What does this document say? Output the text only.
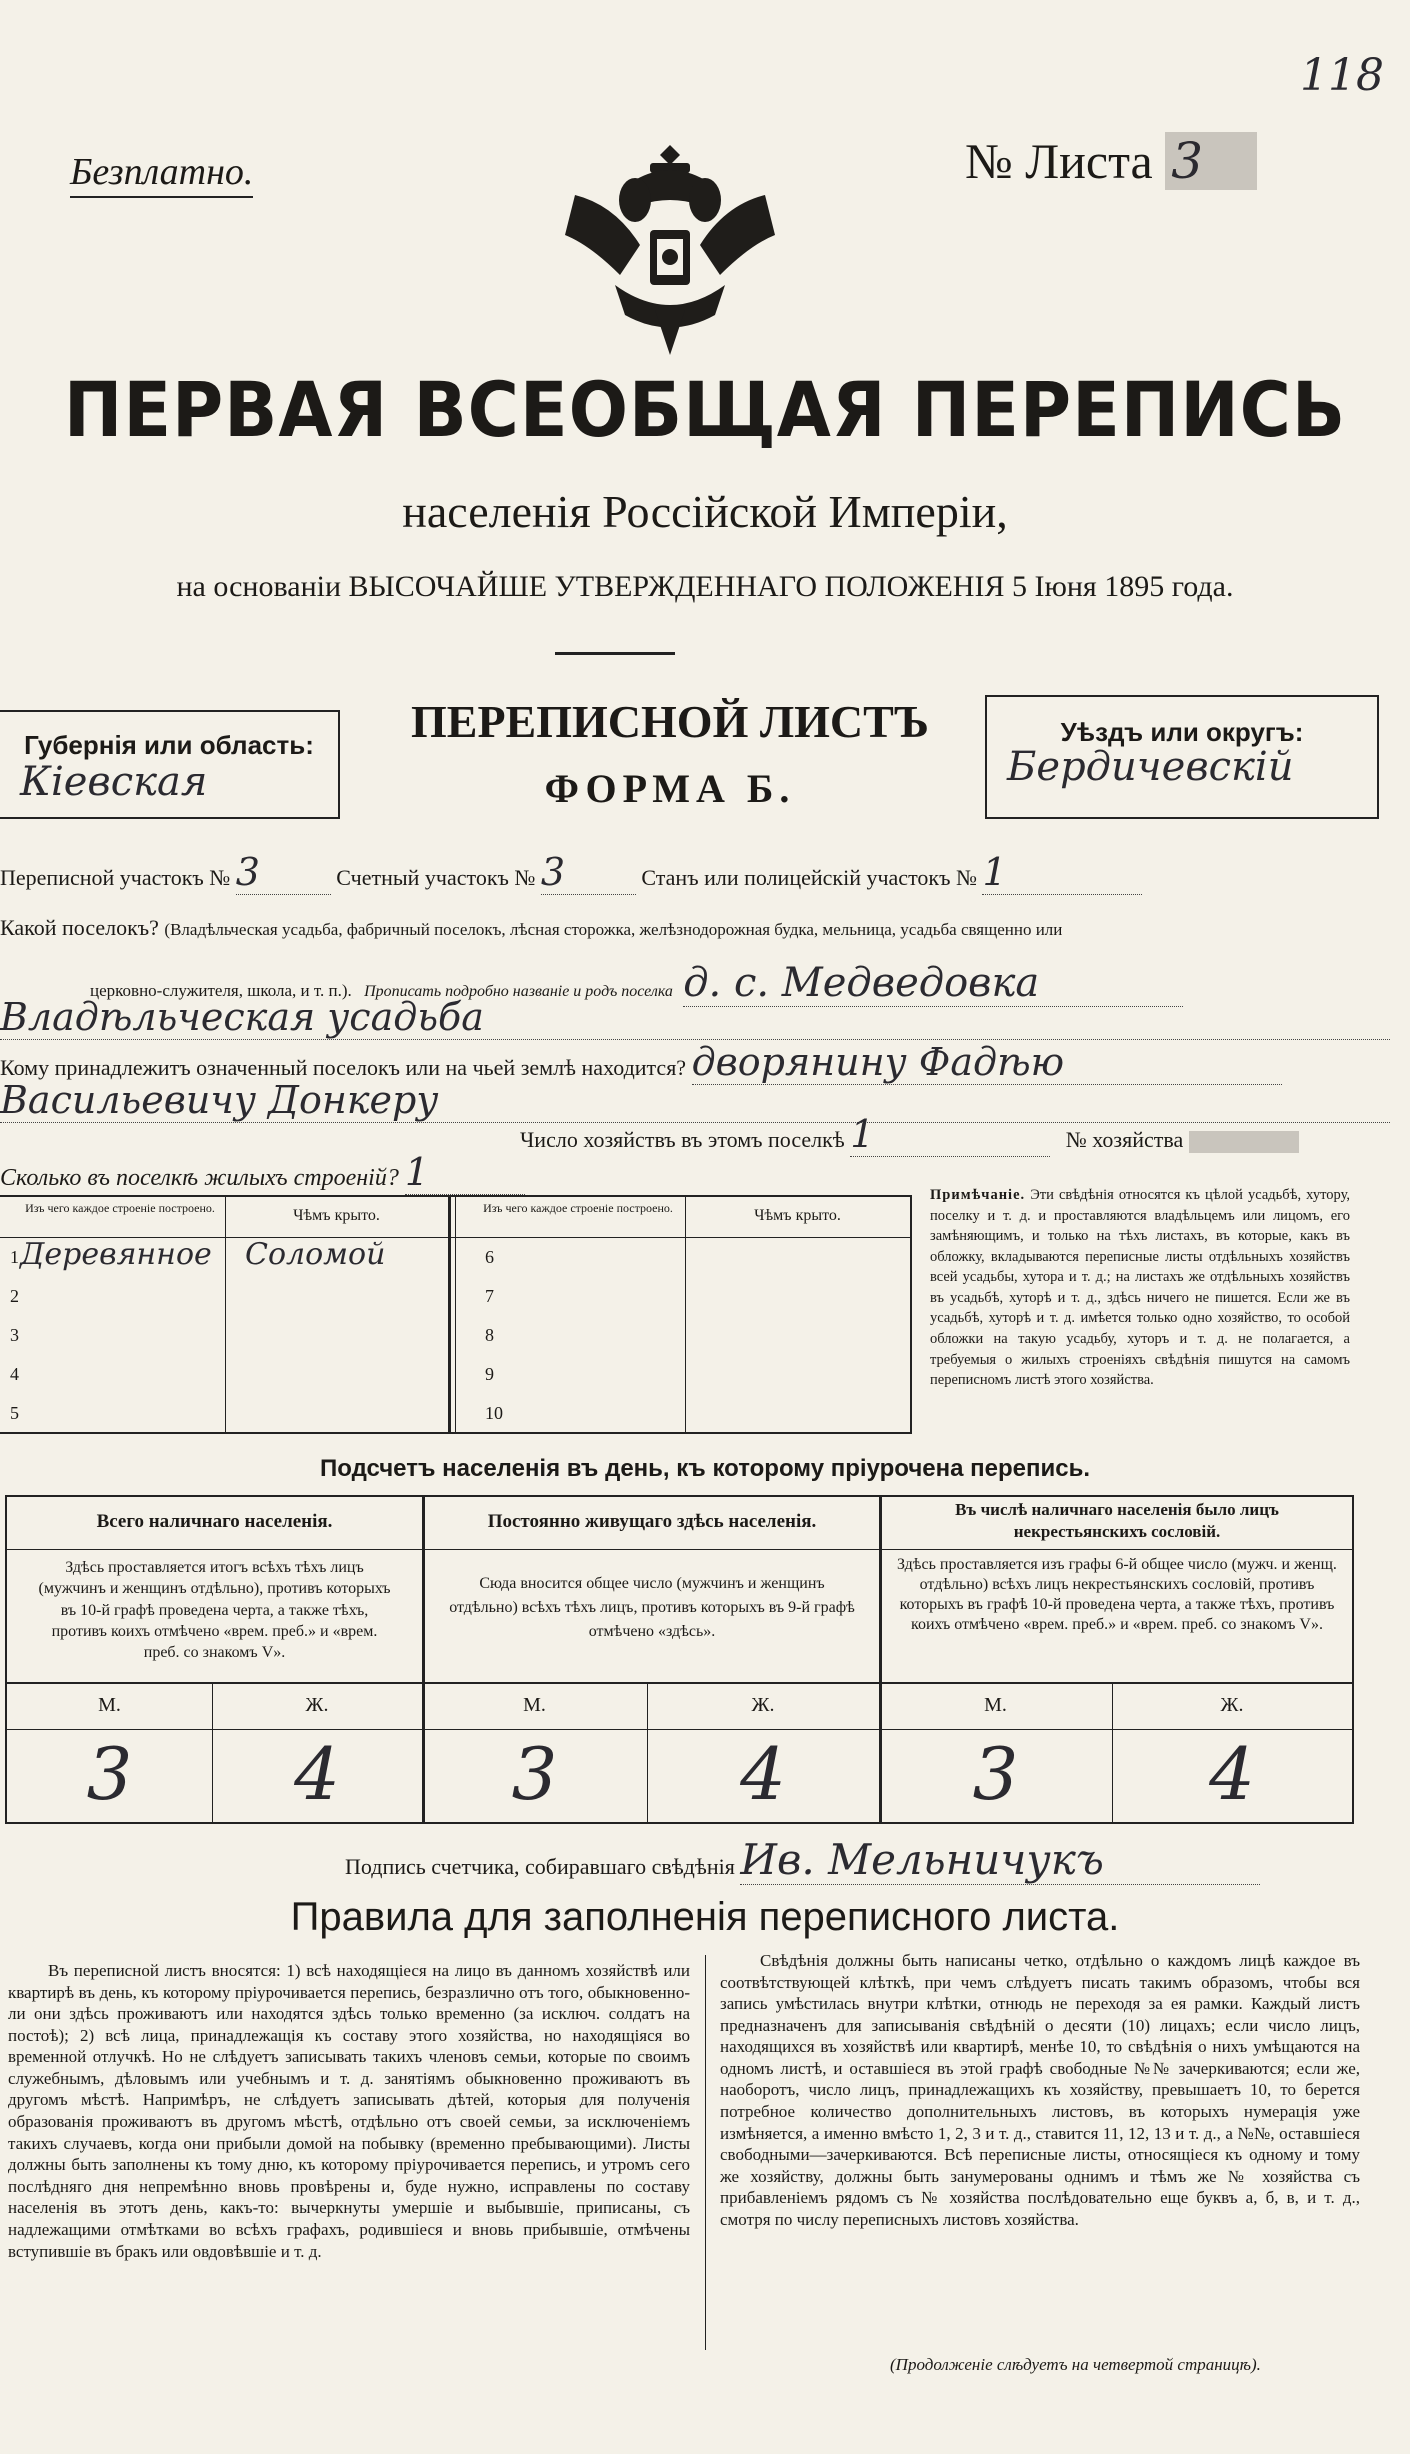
118
Безплатно.	№ Листа 3
ПЕРВАЯ ВСЕОБЩАЯ ПЕРЕПИСЬ
населенія Россійской Имперіи,
на основаніи ВЫСОЧАЙШЕ УТВЕРЖДЕННАГО ПОЛОЖЕНІЯ 5 Іюня 1895 года.
ПЕРЕПИСНОЙ ЛИСТЪ
ФОРМА Б.
Губернія или область:
Кіевская
Уѣздъ или округъ:
Бердичевскій
Переписной участокъ № 3	Счетный участокъ № 3	Станъ или полицейскій участокъ № 1
Какой поселокъ? (Владѣльческая усадьба, фабричный поселокъ, лѣсная сторожка, желѣзнодорожная будка, мельница, усадьба священно или
церковно-служителя, школа, и т. п.). Прописать подробно названіе и родъ поселка д. с. Медведовка
Владѣльческая усадьба
Кому принадлежитъ означенный поселокъ или на чьей землѣ находится? дворянину Фадѣю
Васильевичу Донкеру
Число хозяйствъ въ этомъ поселкѣ 1	№ хозяйства
Сколько въ поселкѣ жилыхъ строеній? 1
Изъ чего каждое строеніе построено.	Чѣмъ крыто.	Изъ чего каждое строеніе построено.	Чѣмъ крыто.
1 Деревянное Соломой
2
3
4
5
6
7
8
9
10
Примѣчаніе. Эти свѣдѣнія относятся къ цѣлой усадьбѣ, хутору, поселку и т. д. и проставляются владѣльцемъ или лицомъ, его замѣняющимъ, и только на тѣхъ листахъ, въ которые, какъ въ обложку, вкладываются переписные листы отдѣльныхъ хозяйствъ всей усадьбы, хутора и т. д.; на листахъ же отдѣльныхъ хозяйствъ въ усадьбѣ, хуторѣ и т. д., здѣсь ничего не пишется. Если же въ усадьбѣ, хуторѣ и т. д. имѣется только одно хозяйство, то особой обложки на такую усадьбу, хуторъ и т. д. не полагается, а требуемыя о жилыхъ строеніяхъ свѣдѣнія пишутся на самомъ переписномъ листѣ этого хозяйства.
Подсчетъ населенія въ день, къ которому пріурочена перепись.
Всего наличнаго населенія.	Постоянно живущаго здѣсь населенія.
Въ числѣ наличнаго населенія было лицъ некрестьянскихъ сословій.
Здѣсь проставляется итогъ всѣхъ тѣхъ лицъ (мужчинъ и женщинъ отдѣльно), противъ которыхъ въ 10-й графѣ проведена черта, а также тѣхъ, противъ коихъ отмѣчено «врем. преб.» и «врем. преб. со знакомъ V».
Сюда вносится общее число (мужчинъ и женщинъ отдѣльно) всѣхъ тѣхъ лицъ, противъ которыхъ въ 9-й графѣ отмѣчено «здѣсь».
Здѣсь проставляется изъ графы 6-й общее число (мужч. и женщ. отдѣльно) всѣхъ лицъ некрестьянскихъ сословій, противъ которыхъ въ графѣ 10-й проведена черта, а также тѣхъ, противъ коихъ отмѣчено «врем. преб.» и «врем. преб. со знакомъ V».
М.	Ж.	М.	Ж.	М.	Ж.
3	4	3	4	3	4
Подпись счетчика, собиравшаго свѣдѣнія Ив. Мельничукъ
Правила для заполненія переписного листа.
Въ переписной листъ вносятся: 1) всѣ находящіеся на лицо въ данномъ хозяйствѣ или квартирѣ въ день, къ которому пріурочивается перепись, безразлично отъ того, обыкновенно-ли они здѣсь проживаютъ или находятся здѣсь только временно (за исключ. солдатъ на постоѣ); 2) всѣ лица, принадлежащія къ составу этого хозяйства, но находящіяся во временной отлучкѣ. Но не слѣдуетъ записывать такихъ членовъ семьи, которые по своимъ служебнымъ, дѣловымъ или учебнымъ и т. д. занятіямъ обыкновенно проживаютъ въ другомъ мѣстѣ. Напримѣръ, не слѣдуетъ записывать дѣтей, которыя для полученія образованія проживаютъ въ другомъ мѣстѣ, отдѣльно отъ своей семьи, за исключеніемъ такихъ случаевъ, когда они прибыли домой на побывку (временно пребывающими). Листы должны быть заполнены къ тому дню, къ которому пріурочивается перепись, и утромъ сего послѣдняго дня непремѣнно вновь провѣрены и, буде нужно, исправлены по составу населенія въ этотъ день, какъ-то: вычеркнуты умершіе и выбывшіе, приписаны, съ надлежащими отмѣтками во всѣхъ графахъ, родившіеся и вновь прибывшіе, отмѣчены вступившіе въ бракъ или овдовѣвшіе и т. д.
Свѣдѣнія должны быть написаны четко, отдѣльно о каждомъ лицѣ каждое въ соотвѣтствующей клѣткѣ, при чемъ слѣдуетъ писать такимъ образомъ, чтобы вся запись умѣстилась внутри клѣтки, отнюдь не переходя за ея рамки. Каждый листъ предназначенъ для записыванія свѣдѣній о десяти (10) лицахъ; если число лицъ, находящихся въ хозяйствѣ или квартирѣ, менѣе 10, то свѣдѣнія о нихъ умѣщаются на одномъ листѣ, и оставшіеся въ этой графѣ свободные №№ зачеркиваются; если же, наоборотъ, число лицъ, принадлежащихъ къ хозяйству, превышаетъ 10, то берется потребное количество дополнительныхъ листовъ, въ которыхъ нумерація уже измѣняется, а именно вмѣсто 1, 2, 3 и т. д., ставится 11, 12, 13 и т. д., а №№, оставшіеся свободными—зачеркиваются. Всѣ переписные листы, относящіеся къ одному и тому же хозяйству, должны быть занумерованы однимъ и тѣмъ же № хозяйства съ прибавленіемъ рядомъ съ № хозяйства послѣдовательно еще буквъ а, б, в, и т. д., смотря по числу переписныхъ листовъ хозяйства.
(Продолженіе слѣдуетъ на четвертой страницѣ).
